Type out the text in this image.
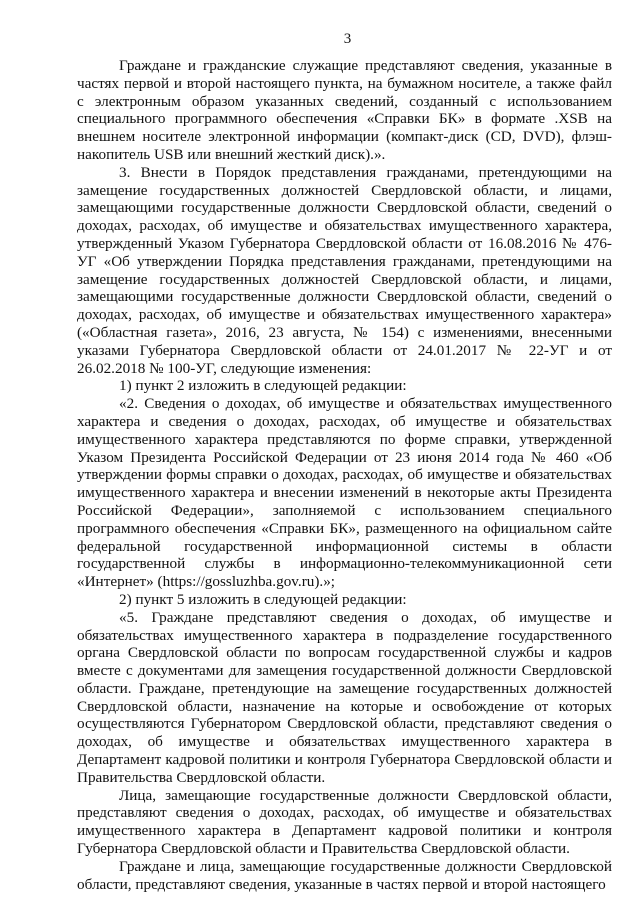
3

Граждане и гражданские служащие представляют сведения, указанные в частях первой и второй настоящего пункта, на бумажном носителе, а также файл с электронным образом указанных сведений, созданный с использованием специального программного обеспечения «Справки БК» в формате .XSB на внешнем носителе электронной информации (компакт-диск (CD, DVD), флэш-накопитель USB или внешний жесткий диск).».

3. Внести в Порядок представления гражданами, претендующими на замещение государственных должностей Свердловской области, и лицами, замещающими государственные должности Свердловской области, сведений о доходах, расходах, об имуществе и обязательствах имущественного характера, утвержденный Указом Губернатора Свердловской области от 16.08.2016 № 476-УГ «Об утверждении Порядка представления гражданами, претендующими на замещение государственных должностей Свердловской области, и лицами, замещающими государственные должности Свердловской области, сведений о доходах, расходах, об имуществе и обязательствах имущественного характера» («Областная газета», 2016, 23 августа, № 154) с изменениями, внесенными указами Губернатора Свердловской области от 24.01.2017 № 22-УГ и от 26.02.2018 № 100-УГ, следующие изменения:

1) пункт 2 изложить в следующей редакции:

«2. Сведения о доходах, об имуществе и обязательствах имущественного характера и сведения о доходах, расходах, об имуществе и обязательствах имущественного характера представляются по форме справки, утвержденной Указом Президента Российской Федерации от 23 июня 2014 года № 460 «Об утверждении формы справки о доходах, расходах, об имуществе и обязательствах имущественного характера и внесении изменений в некоторые акты Президента Российской Федерации», заполняемой с использованием специального программного обеспечения «Справки БК», размещенного на официальном сайте федеральной государственной информационной системы в области государственной службы в информационно-телекоммуникационной сети «Интернет» (https://gossluzhba.gov.ru).»;

2) пункт 5 изложить в следующей редакции:

«5. Граждане представляют сведения о доходах, об имуществе и обязательствах имущественного характера в подразделение государственного органа Свердловской области по вопросам государственной службы и кадров вместе с документами для замещения государственной должности Свердловской области. Граждане, претендующие на замещение государственных должностей Свердловской области, назначение на которые и освобождение от которых осуществляются Губернатором Свердловской области, представляют сведения о доходах, об имуществе и обязательствах имущественного характера в Департамент кадровой политики и контроля Губернатора Свердловской области и Правительства Свердловской области.

Лица, замещающие государственные должности Свердловской области, представляют сведения о доходах, расходах, об имуществе и обязательствах имущественного характера в Департамент кадровой политики и контроля Губернатора Свердловской области и Правительства Свердловской области.

Граждане и лица, замещающие государственные должности Свердловской области, представляют сведения, указанные в частях первой и второй настоящего
